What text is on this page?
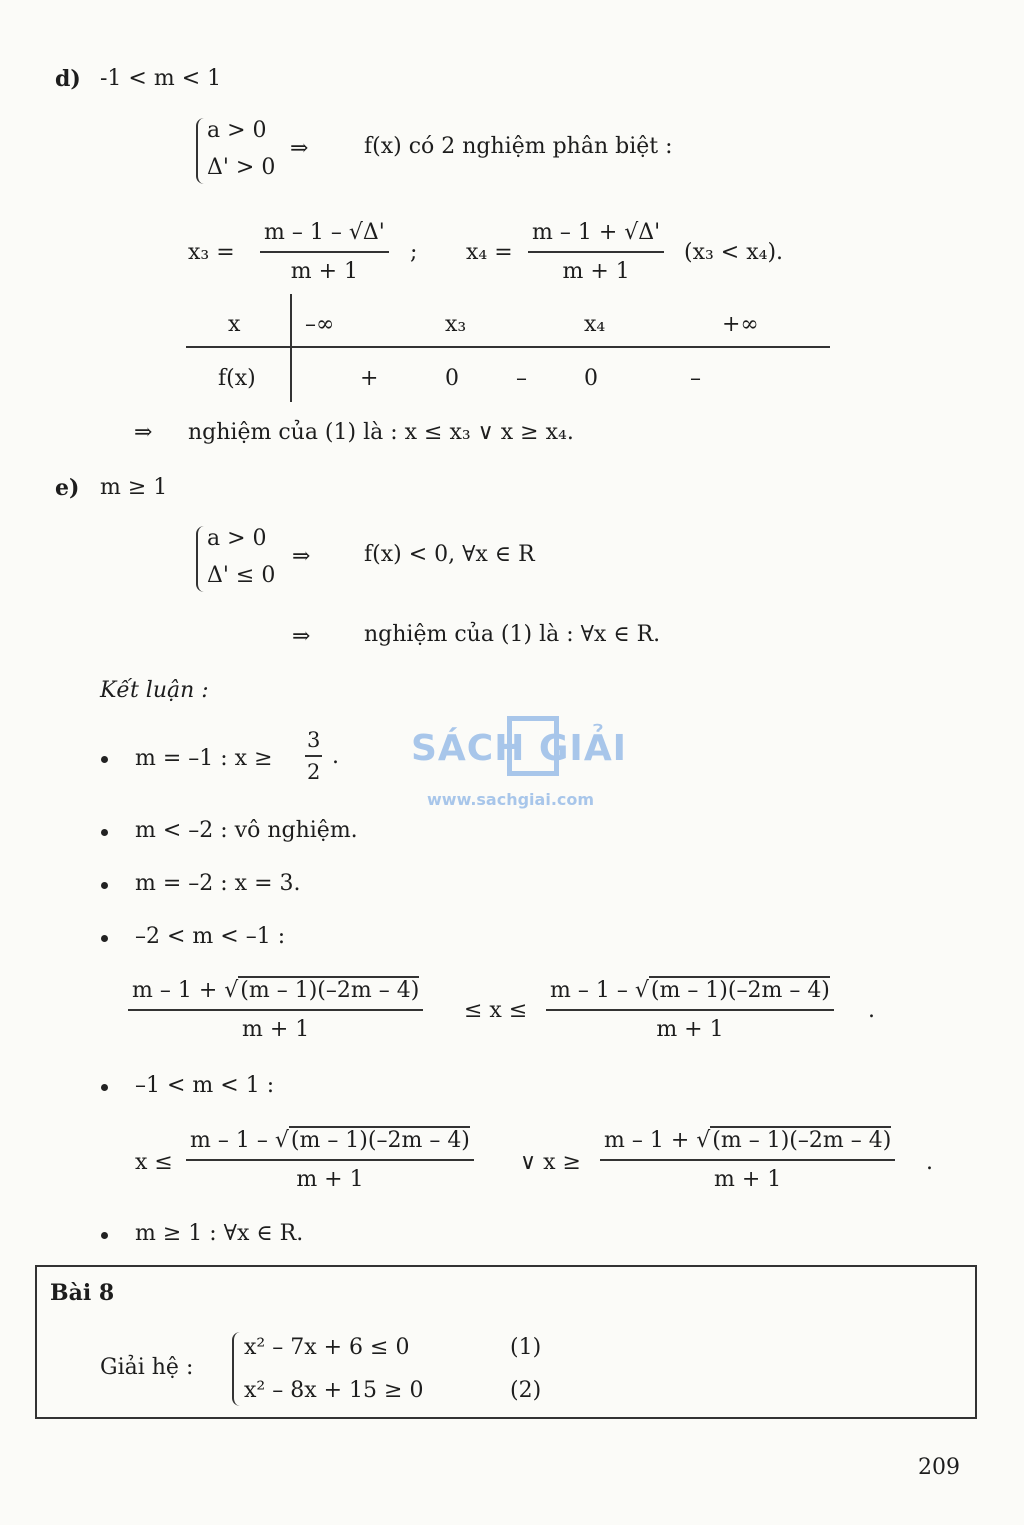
d) -1 < m < 1
a > 0
Δ' > 0
⇒	f(x) có 2 nghiệm phân biệt :
$x_3 = \frac{m - 1 - √\Delta'}{m + 1}$ ; $x_4 = \frac{m - 1 + √\Delta'}{m + 1} (x_3 < x_4)$.
x	–∞	x₃	x₄	+∞
f(x)	+	0	–	0	–
⇒ nghiệm của (1) là : x ≤ x₃ ∨ x ≥ x₄.
e) m ≥ 1
a > 0
Δ' ≤ 0
⇒ f(x) < 0, ∀x ∈ R
⇒ nghiệm của (1) là : ∀x ∈ R.
Kết luận :
SÁCH GIẢI
www.sachgiai.com
m = –1 : $x \ge \frac{3}{2}$ .
m < –2 : vô nghiệm.
m = –2 : x = 3.
–2 < m < –1 :
$\frac{m - 1 + √(m - 1)(-2m - 4)}{m + 1} \le x \le \frac{m - 1 - √(m - 1)(-2m - 4)}{m + 1}$ .
–1 < m < 1 :
$x \le \frac{m - 1 - √(m - 1)(-2m - 4)}{m + 1}$ ∨ $x \ge \frac{m - 1 + √(m - 1)(-2m - 4)}{m + 1}$ .
m ≥ 1 : ∀x ∈ R.
Bài 8
Giải hệ :
x² – 7x + 6 ≤ 0	(1)
x² – 8x + 15 ≥ 0	(2)
209
